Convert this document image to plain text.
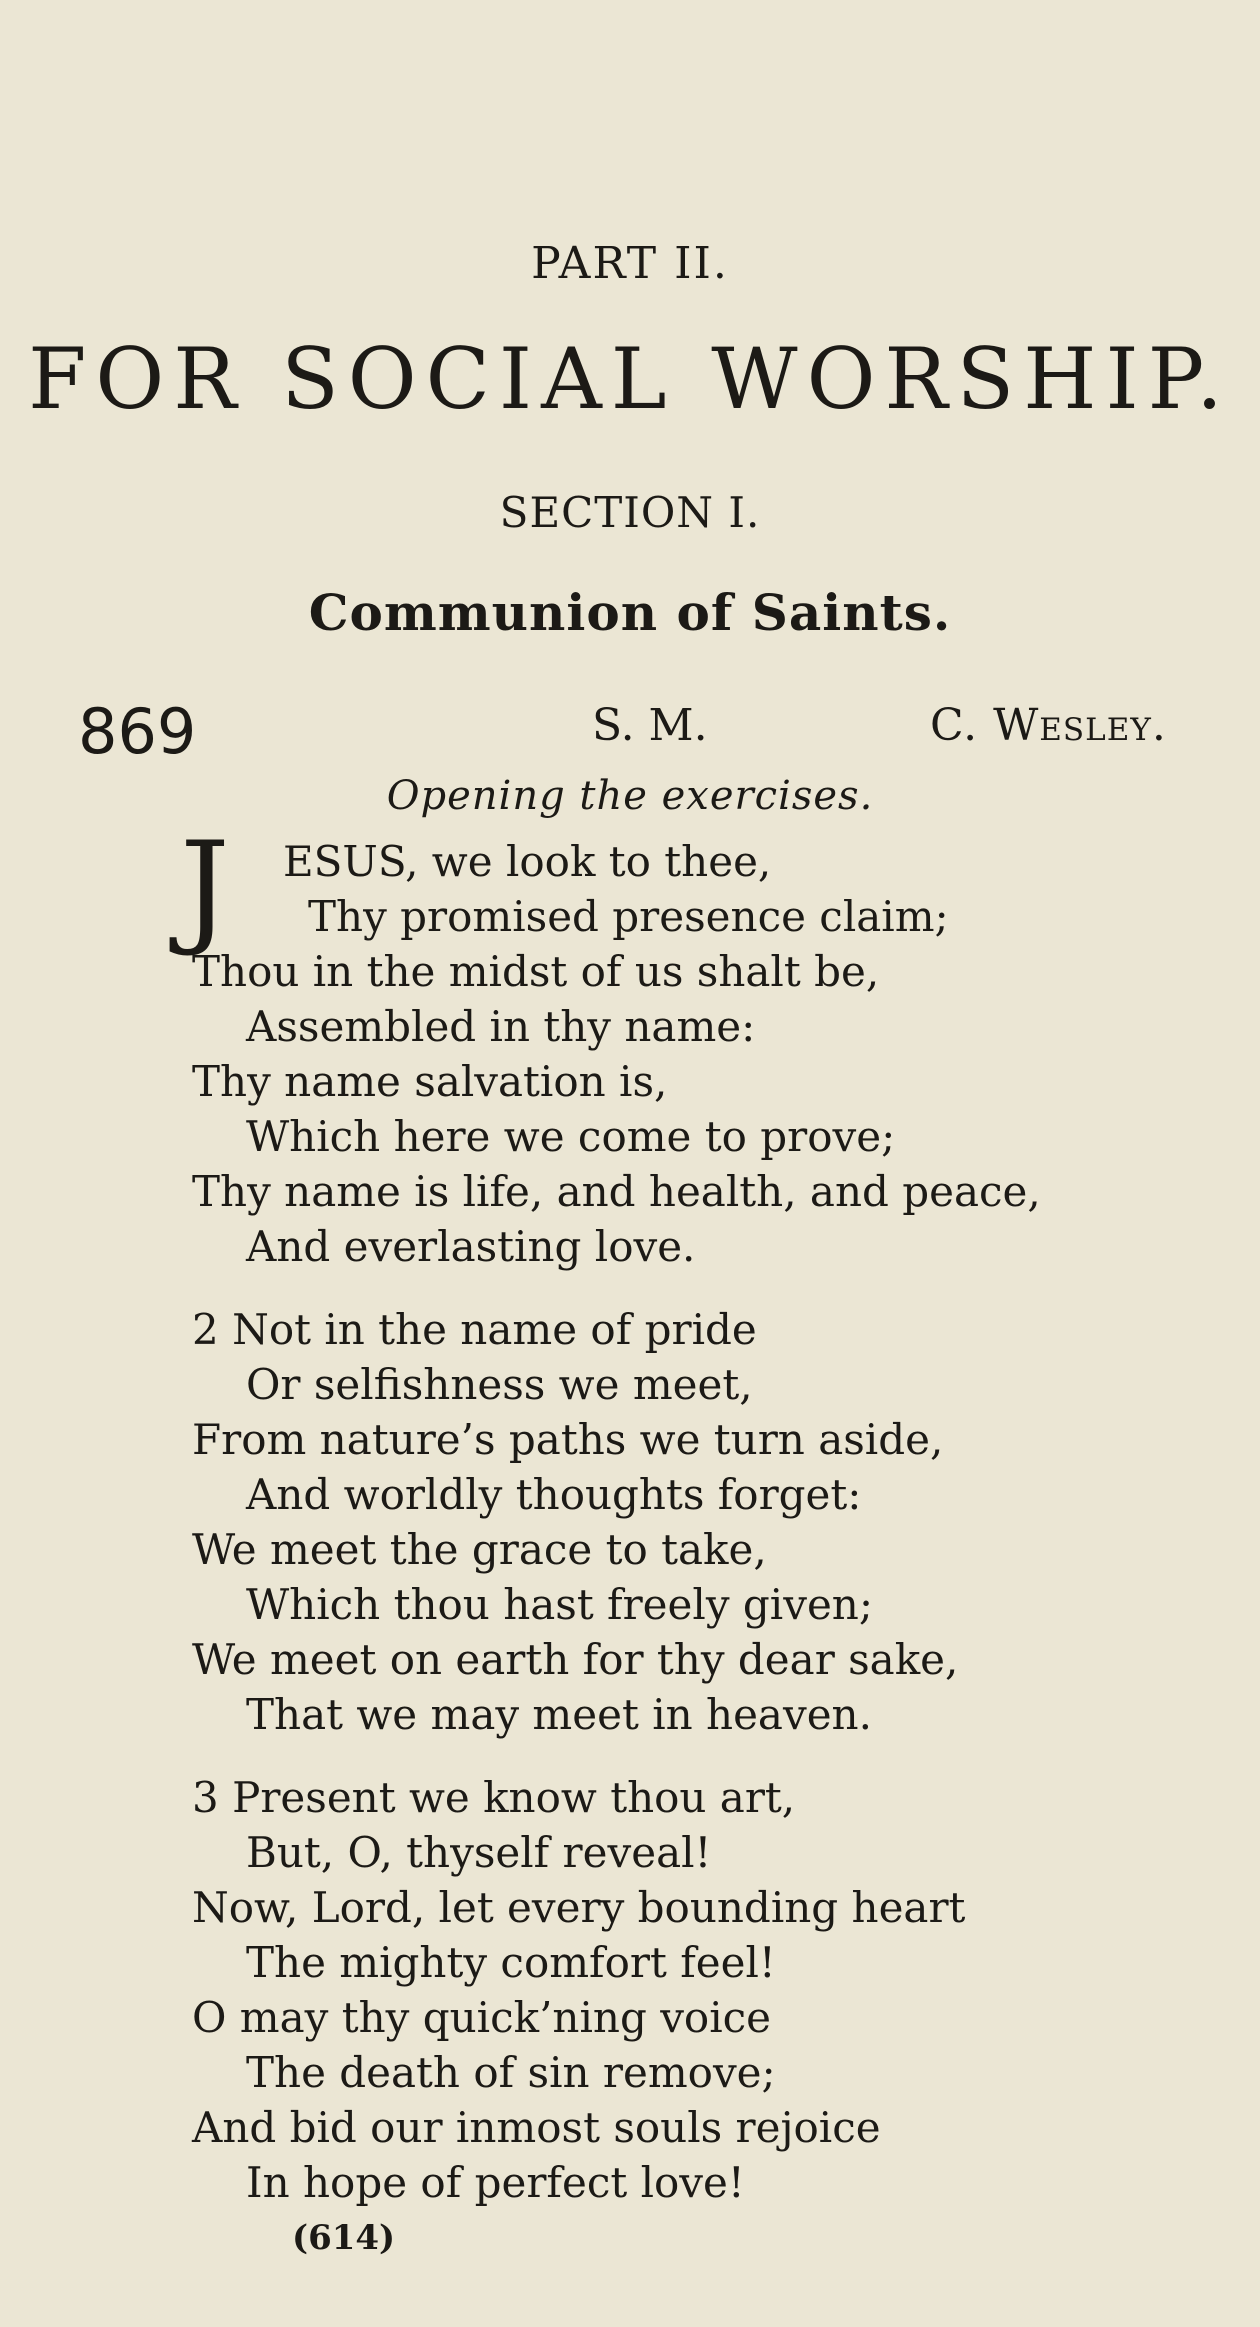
PART II.
FOR SOCIAL WORSHIP.
SECTION I.
Communion of Saints.
869	S. M.	C. Wesley.
Opening the exercises.
J ESUS, we look to thee,
Thy promised presence claim;
Thou in the midst of us shalt be,
Assembled in thy name:
Thy name salvation is,
Which here we come to prove;
Thy name is life, and health, and peace,
And everlasting love.
2 Not in the name of pride
Or selfishness we meet,
From nature’s paths we turn aside,
And worldly thoughts forget:
We meet the grace to take,
Which thou hast freely given;
We meet on earth for thy dear sake,
That we may meet in heaven.
3 Present we know thou art,
But, O, thyself reveal!
Now, Lord, let every bounding heart
The mighty comfort feel!
O may thy quick’ning voice
The death of sin remove;
And bid our inmost souls rejoice
In hope of perfect love!
(614)
